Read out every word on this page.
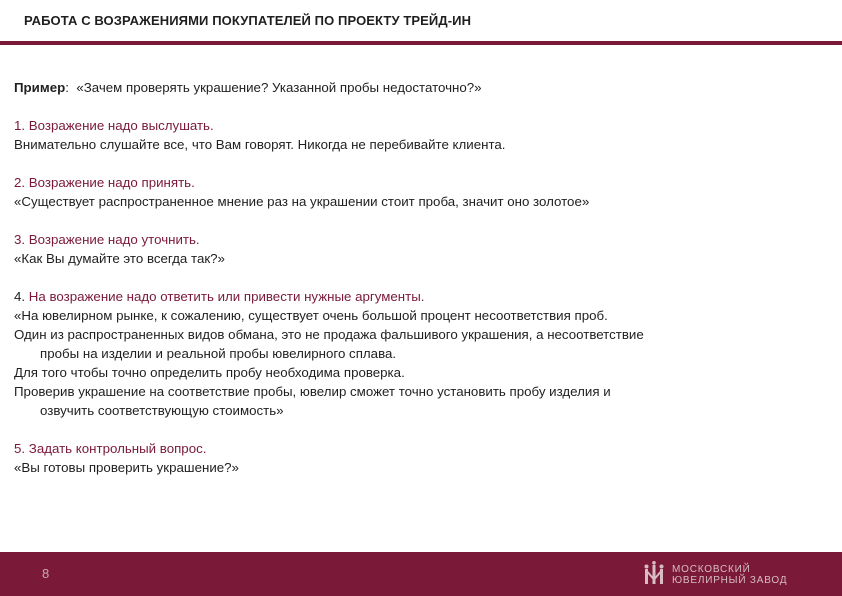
РАБОТА С ВОЗРАЖЕНИЯМИ ПОКУПАТЕЛЕЙ ПО ПРОЕКТУ ТРЕЙД-ИН
Пример: «Зачем проверять украшение? Указанной пробы недостаточно?»
1. Возражение надо выслушать.
Внимательно слушайте все, что Вам говорят. Никогда не перебивайте клиента.
2. Возражение надо принять.
«Существует распространенное мнение раз на украшении стоит проба, значит оно золотое»
3. Возражение надо уточнить.
«Как Вы думайте это всегда так?»
4. На возражение надо ответить или привести нужные аргументы.
«На ювелирном рынке, к сожалению, существует очень большой процент несоответствия проб.
Один из распространенных видов обмана, это не продажа фальшивого украшения, а несоответствие
пробы на изделии и реальной пробы ювелирного сплава.
Для того чтобы точно определить пробу необходима проверка.
Проверив украшение на соответствие пробы, ювелир сможет точно установить пробу изделия и
озвучить соответствующую стоимость»
5. Задать контрольный вопрос.
«Вы готовы проверить украшение?»
8	МОСКОВСКИЙ
ЮВЕЛИРНЫЙ ЗАВОД
